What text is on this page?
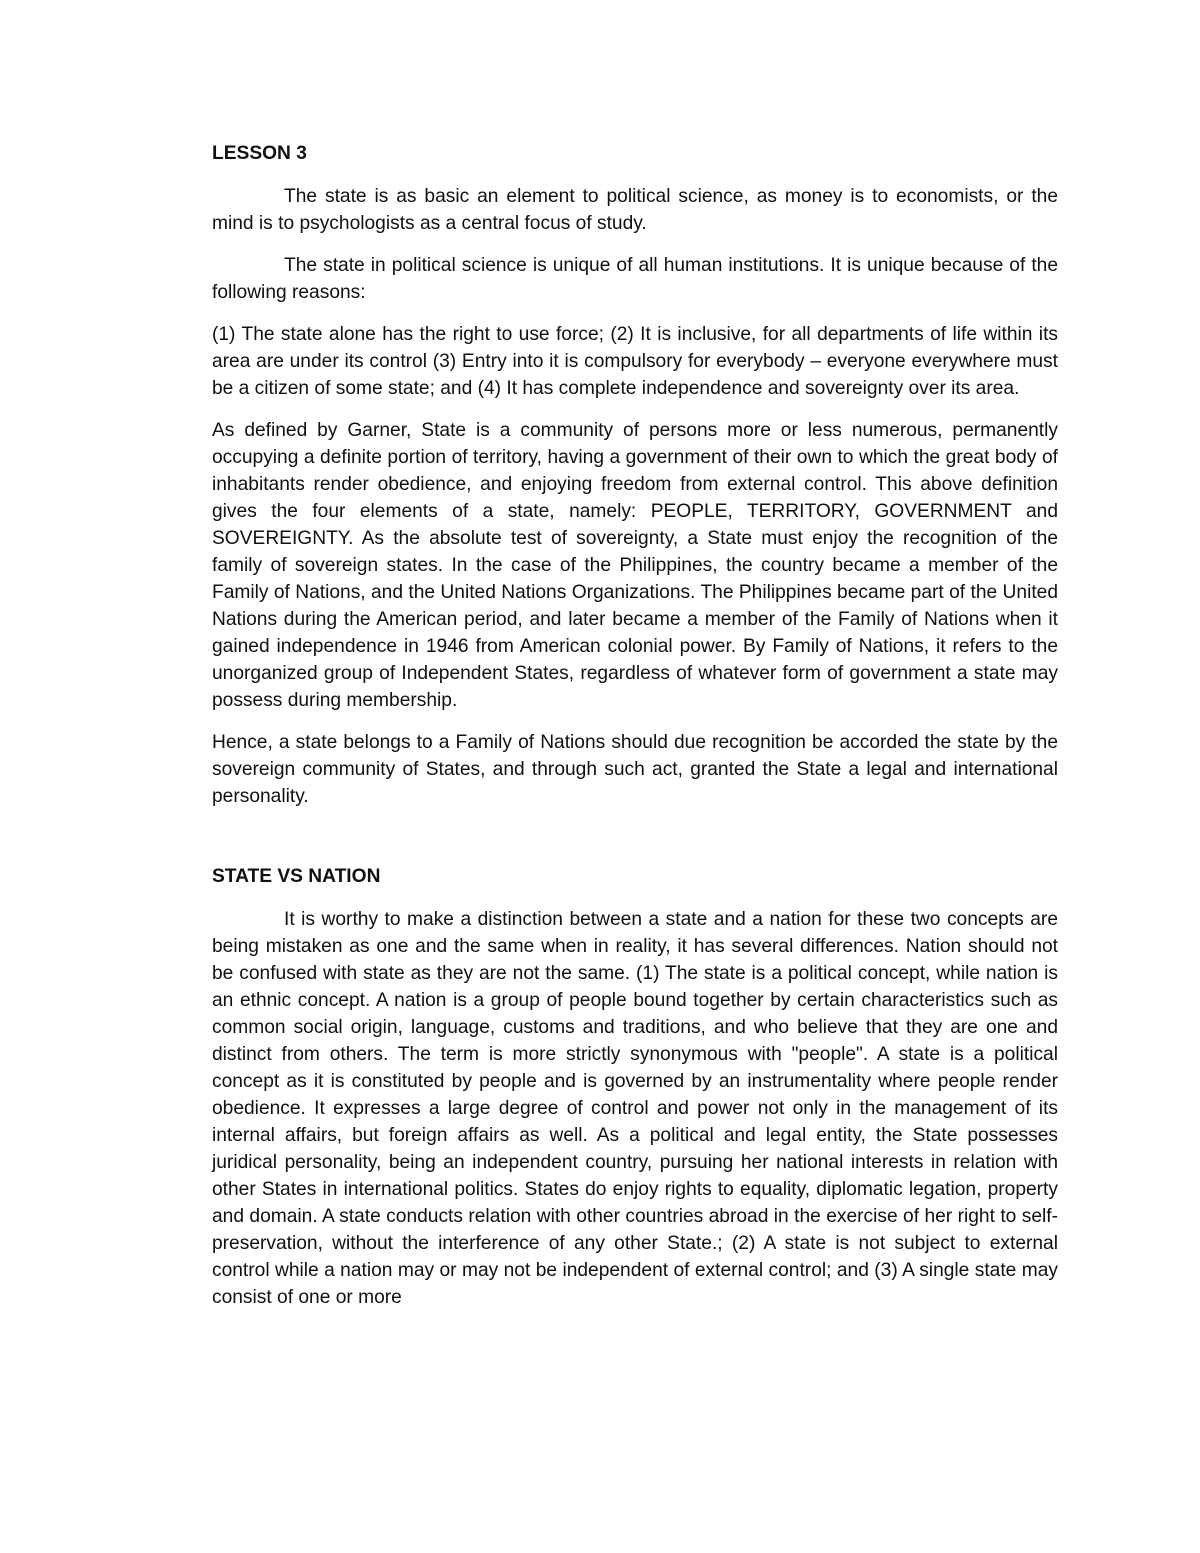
LESSON 3

The state is as basic an element to political science, as money is to economists, or the mind is to psychologists as a central focus of study.

The state in political science is unique of all human institutions. It is unique because of the following reasons:

(1) The state alone has the right to use force; (2) It is inclusive, for all departments of life within its area are under its control (3) Entry into it is compulsory for everybody – everyone everywhere must be a citizen of some state; and (4) It has complete independence and sovereignty over its area.

As defined by Garner, State is a community of persons more or less numerous, permanently occupying a definite portion of territory, having a government of their own to which the great body of inhabitants render obedience, and enjoying freedom from external control. This above definition gives the four elements of a state, namely: PEOPLE, TERRITORY, GOVERNMENT and SOVEREIGNTY. As the absolute test of sovereignty, a State must enjoy the recognition of the family of sovereign states. In the case of the Philippines, the country became a member of the Family of Nations, and the United Nations Organizations. The Philippines became part of the United Nations during the American period, and later became a member of the Family of Nations when it gained independence in 1946 from American colonial power. By Family of Nations, it refers to the unorganized group of Independent States, regardless of whatever form of government a state may possess during membership.

Hence, a state belongs to a Family of Nations should due recognition be accorded the state by the sovereign community of States, and through such act, granted the State a legal and international personality.

STATE VS NATION

It is worthy to make a distinction between a state and a nation for these two concepts are being mistaken as one and the same when in reality, it has several differences. Nation should not be confused with state as they are not the same. (1) The state is a political concept, while nation is an ethnic concept. A nation is a group of people bound together by certain characteristics such as common social origin, language, customs and traditions, and who believe that they are one and distinct from others. The term is more strictly synonymous with "people". A state is a political concept as it is constituted by people and is governed by an instrumentality where people render obedience. It expresses a large degree of control and power not only in the management of its internal affairs, but foreign affairs as well. As a political and legal entity, the State possesses juridical personality, being an independent country, pursuing her national interests in relation with other States in international politics. States do enjoy rights to equality, diplomatic legation, property and domain. A state conducts relation with other countries abroad in the exercise of her right to self-preservation, without the interference of any other State.; (2) A state is not subject to external control while a nation may or may not be independent of external control; and (3) A single state may consist of one or more
